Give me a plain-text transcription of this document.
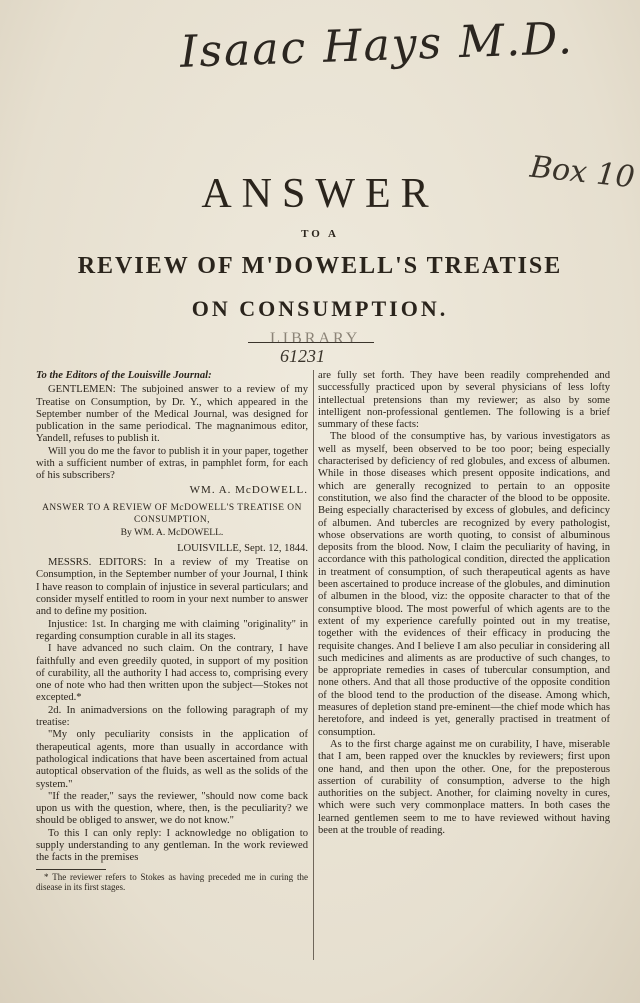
Isaac Hays M.D.
Box 10
ANSWER
TO A
REVIEW OF M'DOWELL'S TREATISE
ON CONSUMPTION.
LIBRARY
61231

To the Editors of the Louisville Journal:

GENTLEMEN: The subjoined answer to a review of my Treatise on Consumption, by Dr. Y., which appeared in the September number of the Medical Journal, was designed for publication in the same periodical. The magnanimous editor, Yandell, refuses to publish it.

Will you do me the favor to publish it in your paper, together with a sufficient number of extras, in pamphlet form, for each of his subscribers?

WM. A. McDOWELL.

ANSWER TO A REVIEW OF McDOWELL'S TREATISE ON CONSUMPTION,

By WM. A. McDOWELL.

LOUISVILLE, Sept. 12, 1844.

MESSRS. EDITORS: In a review of my Treatise on Consumption, in the September number of your Journal, I think I have reason to complain of injustice in several particulars; and consider myself entitled to room in your next number to answer and to define my position.

Injustice: 1st. In charging me with claiming "originality" in regarding consumption curable in all its stages.

I have advanced no such claim. On the contrary, I have faithfully and even greedily quoted, in support of my position of curability, all the authority I had access to, comprising every one of note who had then written upon the subject—Stokes not excepted.*

2d. In animadversions on the following paragraph of my treatise:

"My only peculiarity consists in the application of therapeutical agents, more than usually in accordance with pathological indications that have been ascertained from actual autoptical observation of the fluids, as well as the solids of the system."

"If the reader," says the reviewer, "should now come back upon us with the question, where, then, is the peculiarity? we should be obliged to answer, we do not know."

To this I can only reply: I acknowledge no obligation to supply understanding to any gentleman. In the work reviewed the facts in the premises

* The reviewer refers to Stokes as having preceded me in curing the disease in its first stages.

are fully set forth. They have been readily comprehended and successfully practiced upon by several physicians of less lofty intellectual pretensions than my reviewer; as also by some intelligent non-professional gentlemen. The following is a brief summary of these facts:

The blood of the consumptive has, by various investigators as well as myself, been observed to be too poor; being especially characterised by deficiency of red globules, and excess of albumen. While in those diseases which present opposite indications, and which are generally recognized to pertain to an opposite constitution, we also find the character of the blood to be opposite. Being especially characterised by excess of globules, and deficincy of albumen. And tubercles are recognized by every pathologist, whose observations are worth quoting, to consist of albuminous deposits from the blood. Now, I claim the peculiarity of having, in accordance with this pathological condition, directed the application in treatment of consumption, of such therapeutical agents as have been ascertained to produce increase of the globules, and diminution of albumen in the blood, viz: the opposite character to that of the consumptive blood. The most powerful of which agents are to the extent of my experience carefully pointed out in my treatise, together with the evidences of their efficacy in producing the requisite changes. And I believe I am also peculiar in considering all such medicines and aliments as are productive of such changes, to be appropriate remedies in cases of tubercular consumption, and none others. And that all those productive of the opposite condition of the blood tend to the production of the disease. Among which, measures of depletion stand pre-eminent—the chief mode which has heretofore, and indeed is yet, generally practised in treatment of consumption.

As to the first charge against me on curability, I have, miserable that I am, been rapped over the knuckles by reviewers; first upon one hand, and then upon the other. One, for the preposterous assertion of curability of consumption, adverse to the high authorities on the subject. Another, for claiming novelty in cures, which were such very commonplace matters. In both cases the learned gentlemen seem to me to have reviewed without having been at the trouble of reading.
